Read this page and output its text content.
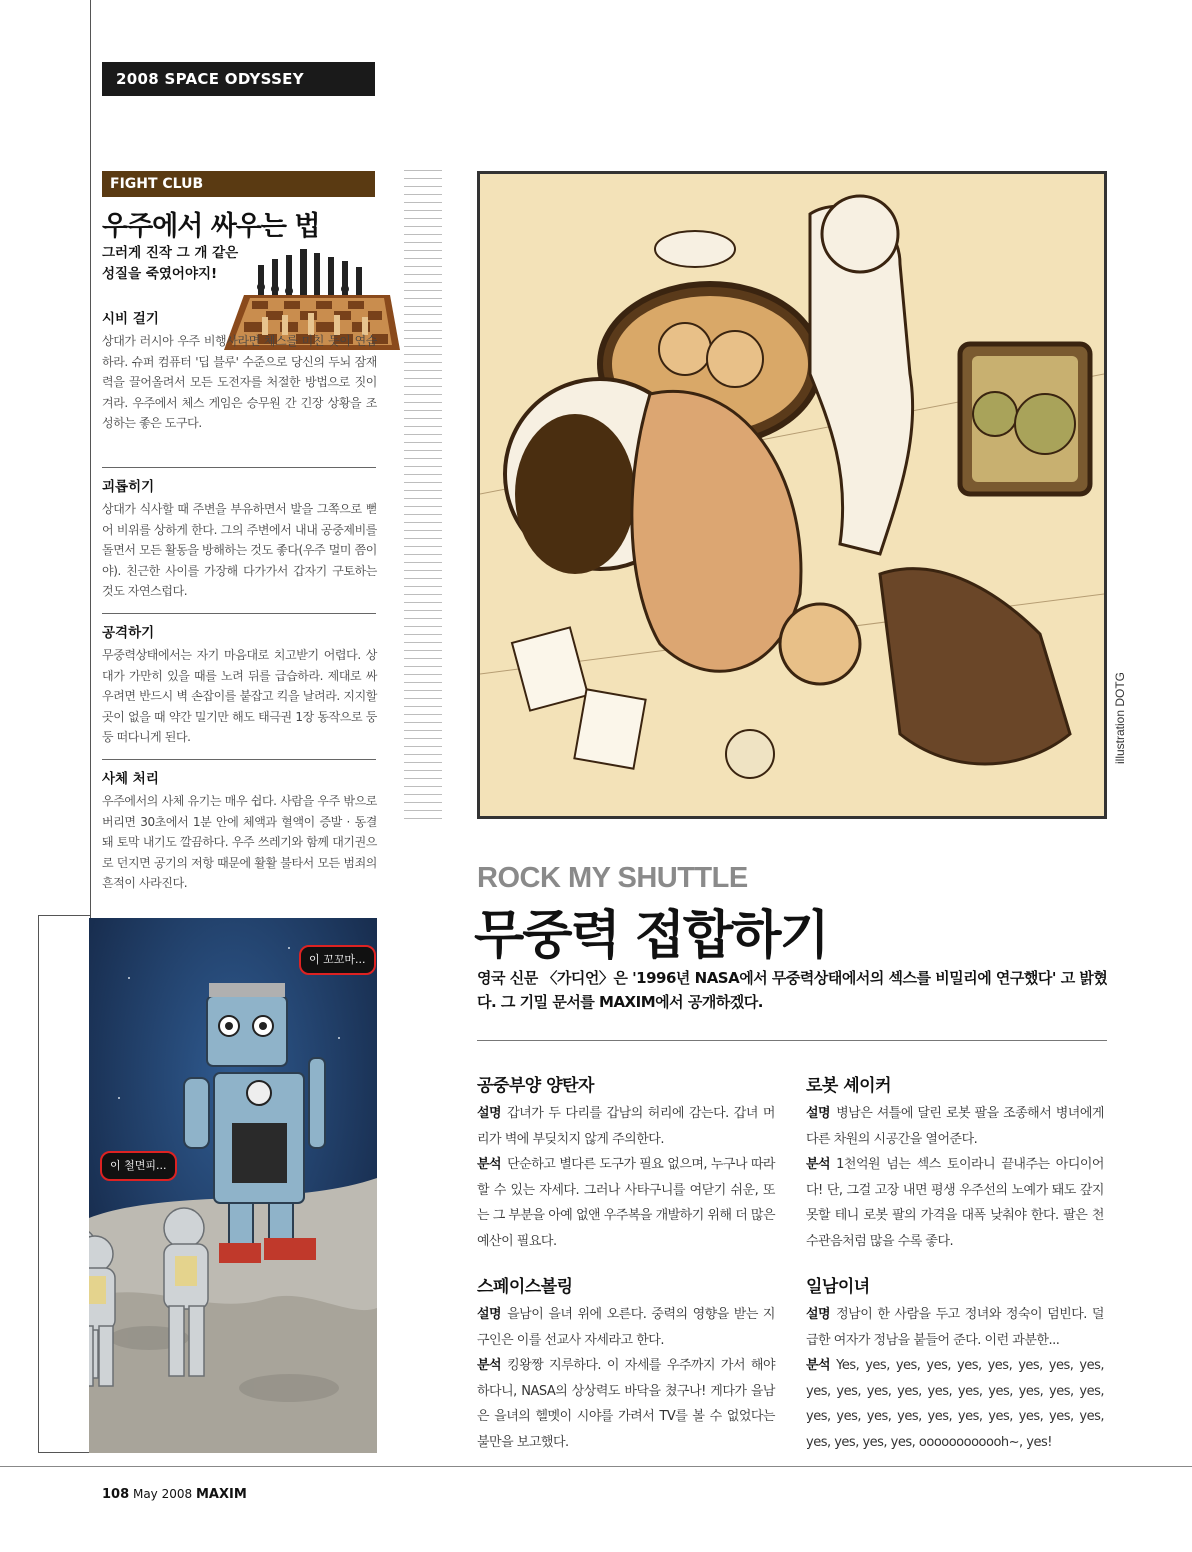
2008 SPACE ODYSSEY
FIGHT CLUB
우주에서 싸우는 법
그러게 진작 그 개 같은 성질을 죽였어야지!
시비 걸기

상대가 러시아 우주 비행사라면 체스를 미친 듯이 연습하라. 슈퍼 컴퓨터 '딥 블루' 수준으로 당신의 두뇌 잠재력을 끌어올려서 모든 도전자를 처절한 방법으로 짓이겨라. 우주에서 체스 게임은 승무원 간 긴장 상황을 조성하는 좋은 도구다.

괴롭히기

상대가 식사할 때 주변을 부유하면서 발을 그쪽으로 뻗어 비위를 상하게 한다. 그의 주변에서 내내 공중제비를 돌면서 모든 활동을 방해하는 것도 좋다(우주 멀미 쯤이야). 친근한 사이를 가장해 다가가서 갑자기 구토하는 것도 자연스럽다.

공격하기

무중력상태에서는 자기 마음대로 치고받기 어렵다. 상대가 가만히 있을 때를 노려 뒤를 급습하라. 제대로 싸우려면 반드시 벽 손잡이를 붙잡고 킥을 날려라. 지지할 곳이 없을 때 약간 밀기만 해도 태극권 1장 동작으로 둥둥 떠다니게 된다.

사체 처리

우주에서의 사체 유기는 매우 쉽다. 사람을 우주 밖으로 버리면 30초에서 1분 안에 체액과 혈액이 증발 · 동결돼 토막 내기도 깔끔하다. 우주 쓰레기와 함께 대기권으로 던지면 공기의 저항 때문에 활활 불타서 모든 범죄의 흔적이 사라진다.

illustration DOTG
ROCK MY SHUTTLE
무중력 접합하기
영국 신문 〈가디언〉은 '1996년 NASA에서 무중력상태에서의 섹스를 비밀리에 연구했다' 고 밝혔다. 그 기밀 문서를 MAXIM에서 공개하겠다.
공중부양 양탄자

설명 갑녀가 두 다리를 갑남의 허리에 감는다. 갑녀 머리가 벽에 부딪치지 않게 주의한다.

분석 단순하고 별다른 도구가 필요 없으며, 누구나 따라할 수 있는 자세다. 그러나 사타구니를 여닫기 쉬운, 또는 그 부분을 아예 없앤 우주복을 개발하기 위해 더 많은 예산이 필요다.

로봇 셰이커

설명 병남은 셔틀에 달린 로봇 팔을 조종해서 병녀에게 다른 차원의 시공간을 열어준다.

분석 1천억원 넘는 섹스 토이라니 끝내주는 아디이어다! 단, 그걸 고장 내면 평생 우주선의 노예가 돼도 갚지 못할 테니 로봇 팔의 가격을 대폭 낮춰야 한다. 팔은 천수관음처럼 많을 수록 좋다.

스페이스볼링

설명 을남이 을녀 위에 오른다. 중력의 영향을 받는 지구인은 이를 선교사 자세라고 한다.

분석 킹왕짱 지루하다. 이 자세를 우주까지 가서 해야 하다니, NASA의 상상력도 바닥을 쳤구나! 게다가 을남은 을녀의 헬멧이 시야를 가려서 TV를 볼 수 없었다는 불만을 보고했다.

일남이녀

설명 정남이 한 사람을 두고 정녀와 정숙이 덤빈다. 덜 급한 여자가 정남을 붙들어 준다. 이런 과분한...

분석 Yes, yes, yes, yes, yes, yes, yes, yes, yes, yes, yes, yes, yes, yes, yes, yes, yes, yes, yes, yes, yes, yes, yes, yes, yes, yes, yes, yes, yes, yes, yes, yes, yes, oooooooooooh~, yes!

이 꼬꼬마...
이 철면피...
108 May 2008 MAXIM
